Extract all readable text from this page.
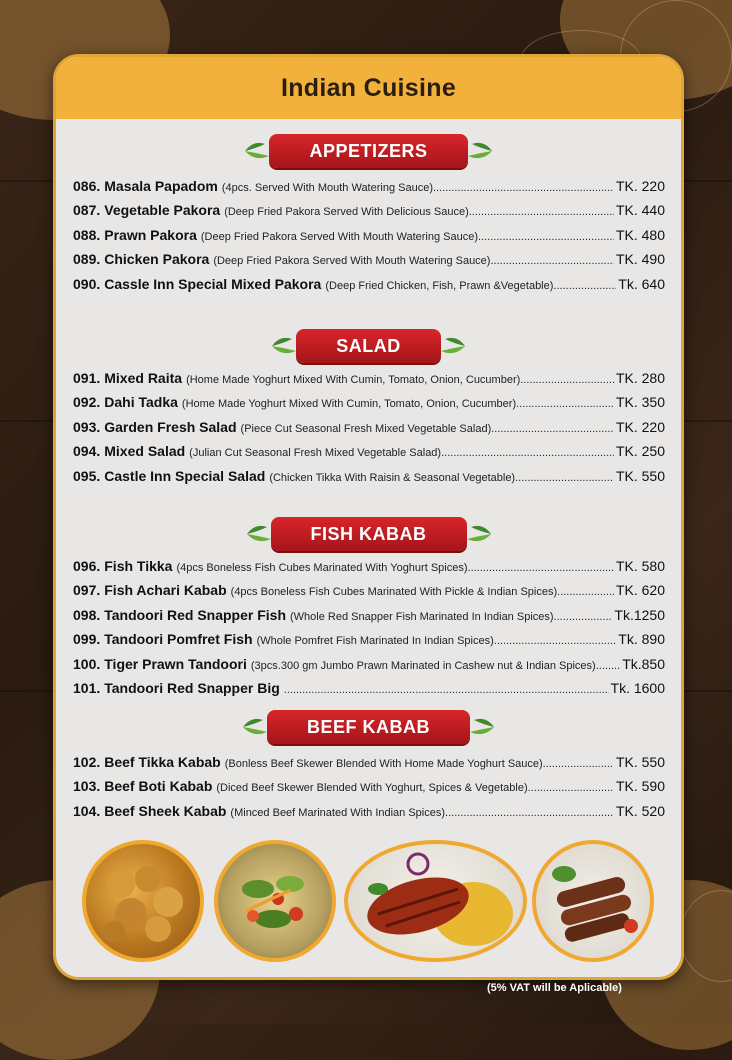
Indian Cuisine
APPETIZERS
086. Masala Papadom (4pcs. Served With Mouth Watering Sauce) .....	TK. 220
087. Vegetable Pakora (Deep Fried Pakora Served With Delicious Sauce) .....	TK. 440
088. Prawn Pakora (Deep Fried Pakora Served With Mouth Watering Sauce) .....	TK. 480
089. Chicken Pakora (Deep Fried Pakora Served With Mouth Watering Sauce) .....	TK. 490
090. Cassle Inn Special Mixed Pakora (Deep Fried Chicken, Fish, Prawn &Vegetable) .....	Tk. 640
SALAD
091. Mixed Raita (Home Made Yoghurt Mixed With Cumin, Tomato, Onion, Cucumber) .....	TK. 280
092. Dahi Tadka (Home Made Yoghurt Mixed With Cumin, Tomato, Onion, Cucumber) .....	TK. 350
093. Garden Fresh Salad (Piece Cut Seasonal Fresh Mixed Vegetable Salad) .....	TK. 220
094. Mixed Salad (Julian Cut Seasonal Fresh Mixed Vegetable Salad) .....	TK. 250
095. Castle Inn Special Salad (Chicken Tikka With Raisin & Seasonal Vegetable) .....	TK. 550
FISH KABAB
096. Fish Tikka (4pcs Boneless Fish Cubes Marinated With Yoghurt Spices) .....	TK. 580
097. Fish Achari Kabab (4pcs Boneless Fish Cubes Marinated With Pickle & Indian Spices) .....	TK. 620
098. Tandoori Red Snapper Fish (Whole Red Snapper Fish Marinated In Indian Spices) .....	Tk.1250
099. Tandoori Pomfret Fish (Whole Pomfret Fish Marinated In Indian Spices) .....	Tk. 890
100. Tiger Prawn Tandoori (3pcs.300 gm Jumbo Prawn Marinated in Cashew nut & Indian Spices) ..... Tk.850
101. Tandoori Red Snapper Big .....	Tk. 1600
BEEF KABAB
102. Beef Tikka Kabab (Bonless Beef Skewer Blended With Home Made Yoghurt Sauce) .....	TK. 550
103. Beef Boti Kabab (Diced Beef Skewer Blended With Yoghurt, Spices & Vegetable) .....	TK. 590
104. Beef Sheek Kabab (Minced Beef Marinated With Indian Spices) .....	TK. 520
(5% VAT will be Aplicable)
